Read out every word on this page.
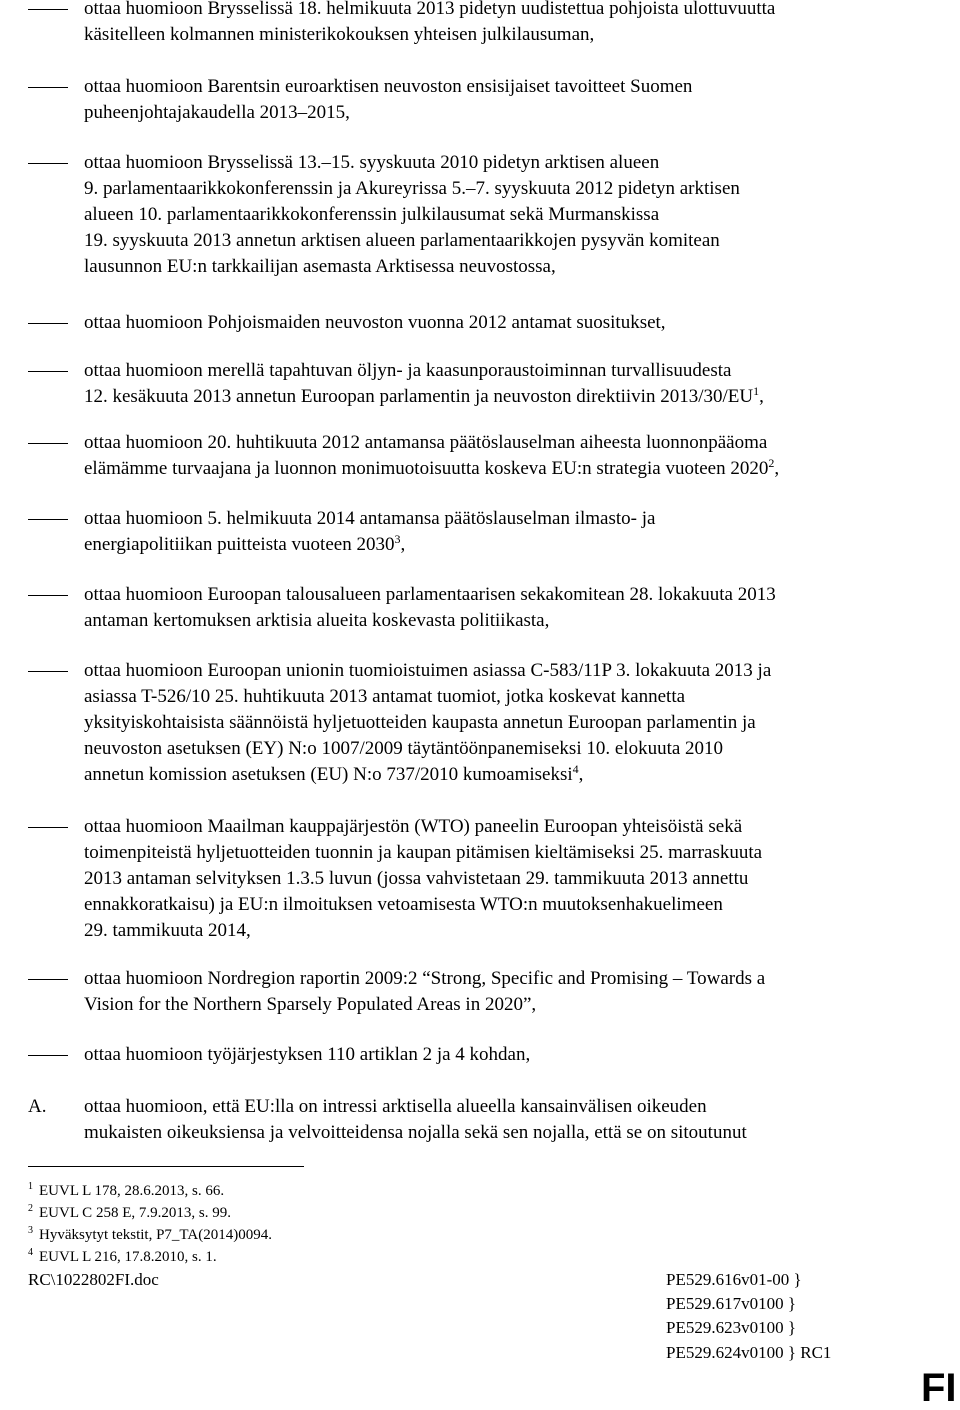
ottaa huomioon Brysselissä 18. helmikuuta 2013 pidetyn uudistettua pohjoista ulottuvuutta
käsitelleen kolmannen ministerikokouksen yhteisen julkilausuman,
ottaa huomioon Barentsin euroarktisen neuvoston ensisijaiset tavoitteet Suomen
puheenjohtajakaudella 2013–2015,
ottaa huomioon Brysselissä 13.–15. syyskuuta 2010 pidetyn arktisen alueen
9. parlamentaarikkokonferenssin ja Akureyrissa 5.–7. syyskuuta 2012 pidetyn arktisen
alueen 10. parlamentaarikkokonferenssin julkilausumat sekä Murmanskissa
19. syyskuuta 2013 annetun arktisen alueen parlamentaarikkojen pysyvän komitean
lausunnon EU:n tarkkailijan asemasta Arktisessa neuvostossa,
ottaa huomioon Pohjoismaiden neuvoston vuonna 2012 antamat suositukset,
ottaa huomioon merellä tapahtuvan öljyn- ja kaasunporaustoiminnan turvallisuudesta
12. kesäkuuta 2013 annetun Euroopan parlamentin ja neuvoston direktiivin $2013/30/EU^1$,
ottaa huomioon 20. huhtikuuta 2012 antamansa päätöslauselman aiheesta luonnonpääoma
elämämme turvaajana ja luonnon monimuotoisuutta koskeva EU:n strategia vuoteen 2020$^2$,
ottaa huomioon 5. helmikuuta 2014 antamansa päätöslauselman ilmasto- ja
energiapolitiikan puitteista vuoteen 2030$^3$,
ottaa huomioon Euroopan talousalueen parlamentaarisen sekakomitean 28. lokakuuta 2013
antaman kertomuksen arktisia alueita koskevasta politiikasta,
ottaa huomioon Euroopan unionin tuomioistuimen asiassa C-583/11P 3. lokakuuta 2013 ja
asiassa T-526/10 25. huhtikuuta 2013 antamat tuomiot, jotka koskevat kannetta
yksityiskohtaisista säännöistä hyljetuotteiden kaupasta annetun Euroopan parlamentin ja
neuvoston asetuksen (EY) N:o 1007/2009 täytäntöönpanemiseksi 10. elokuuta 2010
annetun komission asetuksen (EU) N:o 737/2010 kumoamiseksi$^4$,
ottaa huomioon Maailman kauppajärjestön (WTO) paneelin Euroopan yhteisöistä sekä
toimenpiteistä hyljetuotteiden tuonnin ja kaupan pitämisen kieltämiseksi 25. marraskuuta
2013 antaman selvityksen 1.3.5 luvun (jossa vahvistetaan 29. tammikuuta 2013 annettu
ennakkoratkaisu) ja EU:n ilmoituksen vetoamisesta WTO:n muutoksenhakuelimeen
29. tammikuuta 2014,
ottaa huomioon Nordregion raportin 2009:2 “Strong, Specific and Promising – Towards a
Vision for the Northern Sparsely Populated Areas in 2020”,
ottaa huomioon työjärjestyksen 110 artiklan 2 ja 4 kohdan,
A. ottaa huomioon, että EU:lla on intressi arktisella alueella kansainvälisen oikeuden
mukaisten oikeuksiensa ja velvoitteidensa nojalla sekä sen nojalla, että se on sitoutunut
$^1$ EUVL L 178, 28.6.2013, s. 66.
$^2$ EUVL C 258 E, 7.9.2013, s. 99.
$^3$ Hyväksytyt tekstit, P7_TA(2014)0094.
$^4$ EUVL L 216, 17.8.2010, s. 1.
RC\1022802FI.doc	PE529.616v01-00 }
PE529.617v0100 }
PE529.623v0100 }
PE529.624v0100 } RC1
FI
